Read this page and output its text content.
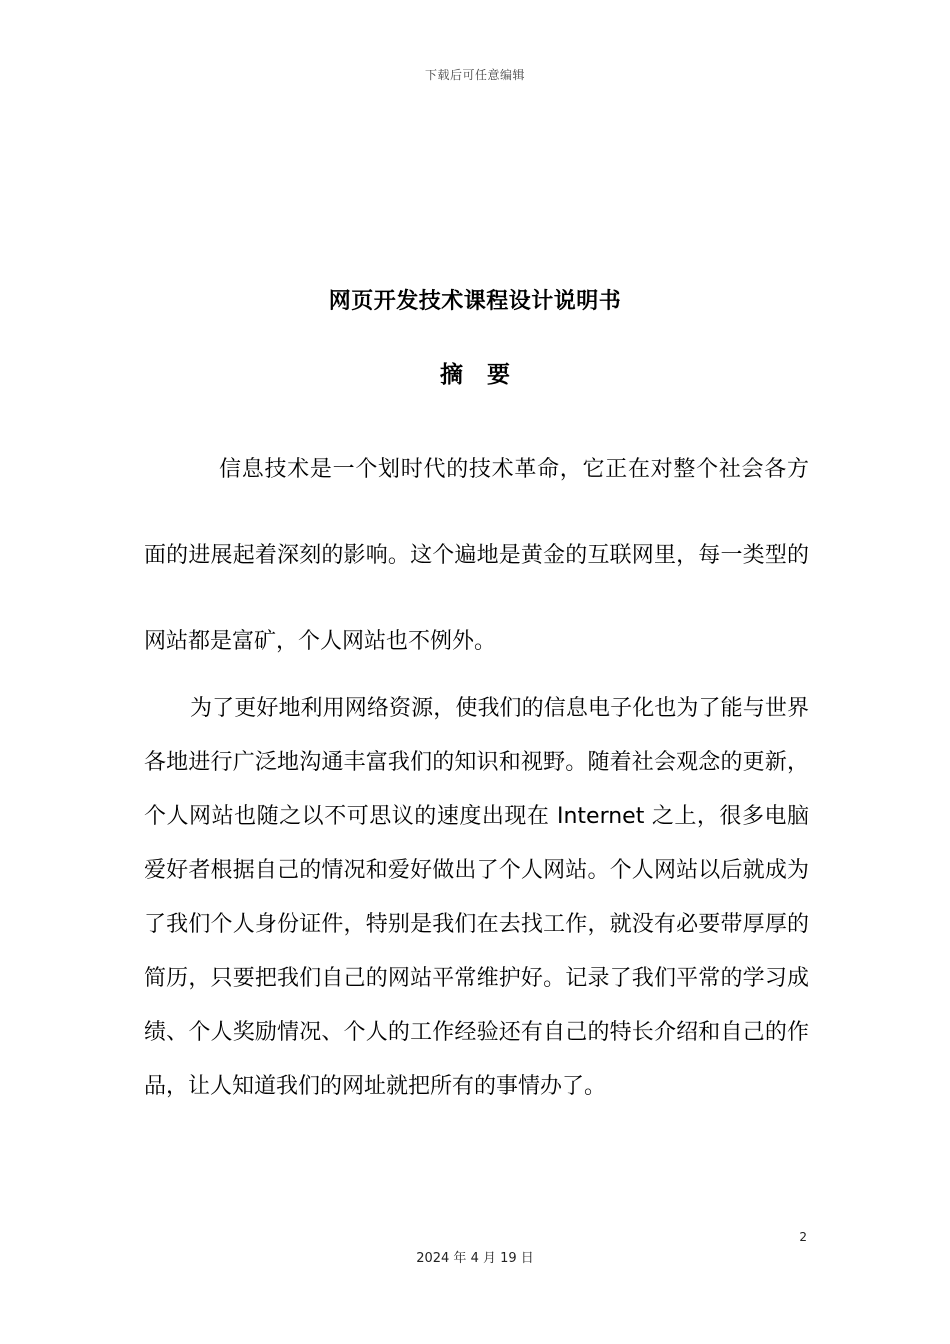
下载后可任意编辑
网页开发技术课程设计说明书
摘要

信息技术是一个划时代的技术革命，它正在对整个社会各方面的进展起着深刻的影响。这个遍地是黄金的互联网里，每一类型的网站都是富矿，个人网站也不例外。

为了更好地利用网络资源，使我们的信息电子化也为了能与世界各地进行广泛地沟通丰富我们的知识和视野。随着社会观念的更新，个人网站也随之以不可思议的速度出现在 Internet 之上，很多电脑爱好者根据自己的情况和爱好做出了个人网站。个人网站以后就成为了我们个人身份证件，特别是我们在去找工作，就没有必要带厚厚的简历，只要把我们自己的网站平常维护好。记录了我们平常的学习成绩、个人奖励情况、个人的工作经验还有自己的特长介绍和自己的作品，让人知道我们的网址就把所有的事情办了。

2
2024 年 4 月 19 日
